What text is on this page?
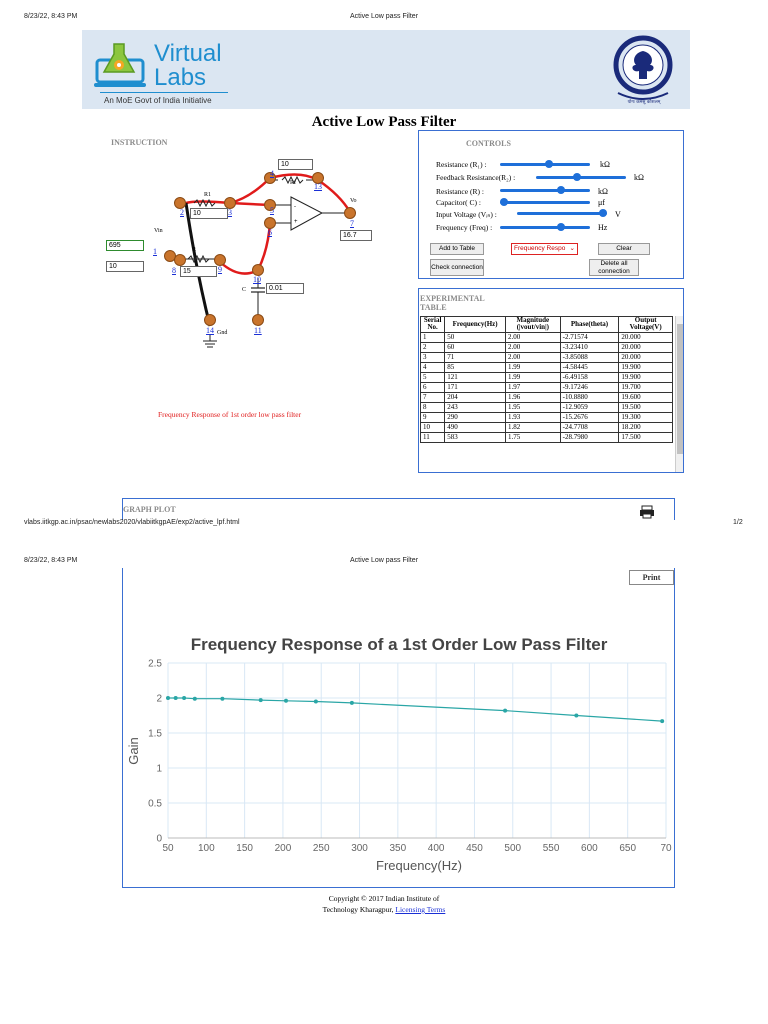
8/23/22, 8:43 PM	Active Low pass Filter
Virtual
Labs
An MoE Govt of India Initiative	योगः कर्मसु कौशलम्
Active Low Pass Filter
INSTRUCTION
-
+
R1
Rf
R
C
Vin
Vo
Gnd
2	3
4
5
6
7
13
1
8	9
10
14	11
10
10
15
0.01
16.7
695
10
Frequency Response of 1st order low pass filter
CONTROLS
Resistance (R₁) :
Feedback Resistance(R₂) :
Resistance (R) :
Capacitor( C) :
Input Voltage (Vᵢₙ) :
Frequency (Freq) :
kΩ
kΩ
kΩ
μf
V
Hz
Add to Table	Frequency Respo ⌄	Clear
Check connection
Delete all connection
EXPERIMENTAL TABLE
Serial No.	Frequency(Hz)	Magnitude (|vout/vin|)	Phase(theta)	Output Voltage(V)
1	50	2.00	-2.71574	20.000
2	60	2.00	-3.23410	20.000
3	71	2.00	-3.85088	20.000
4	85	1.99	-4.58445	19.900
5	121	1.99	-6.49158	19.900
6	171	1.97	-9.17246	19.700
7	204	1.96	-10.8880	19.600
8	243	1.95	-12.9059	19.500
9	290	1.93	-15.2676	19.300
10	490	1.82	-24.7708	18.200
11	583	1.75	-28.7980	17.500
GRAPH PLOT
vlabs.iitkgp.ac.in/psac/newlabs2020/vlabiitkgpAE/exp2/active_lpf.html	1/2
8/23/22, 8:43 PM	Active Low pass Filter
Print
Frequency Response of a 1st Order Low Pass Filter
50 100 150 200 250 300 350 400 450 500 550 600 650 70
0
0.5
1
1.5
2
2.5
Frequency(Hz)
Gain
Copyright © 2017 Indian Institute of
Technology Kharagpur, Licensing Terms
